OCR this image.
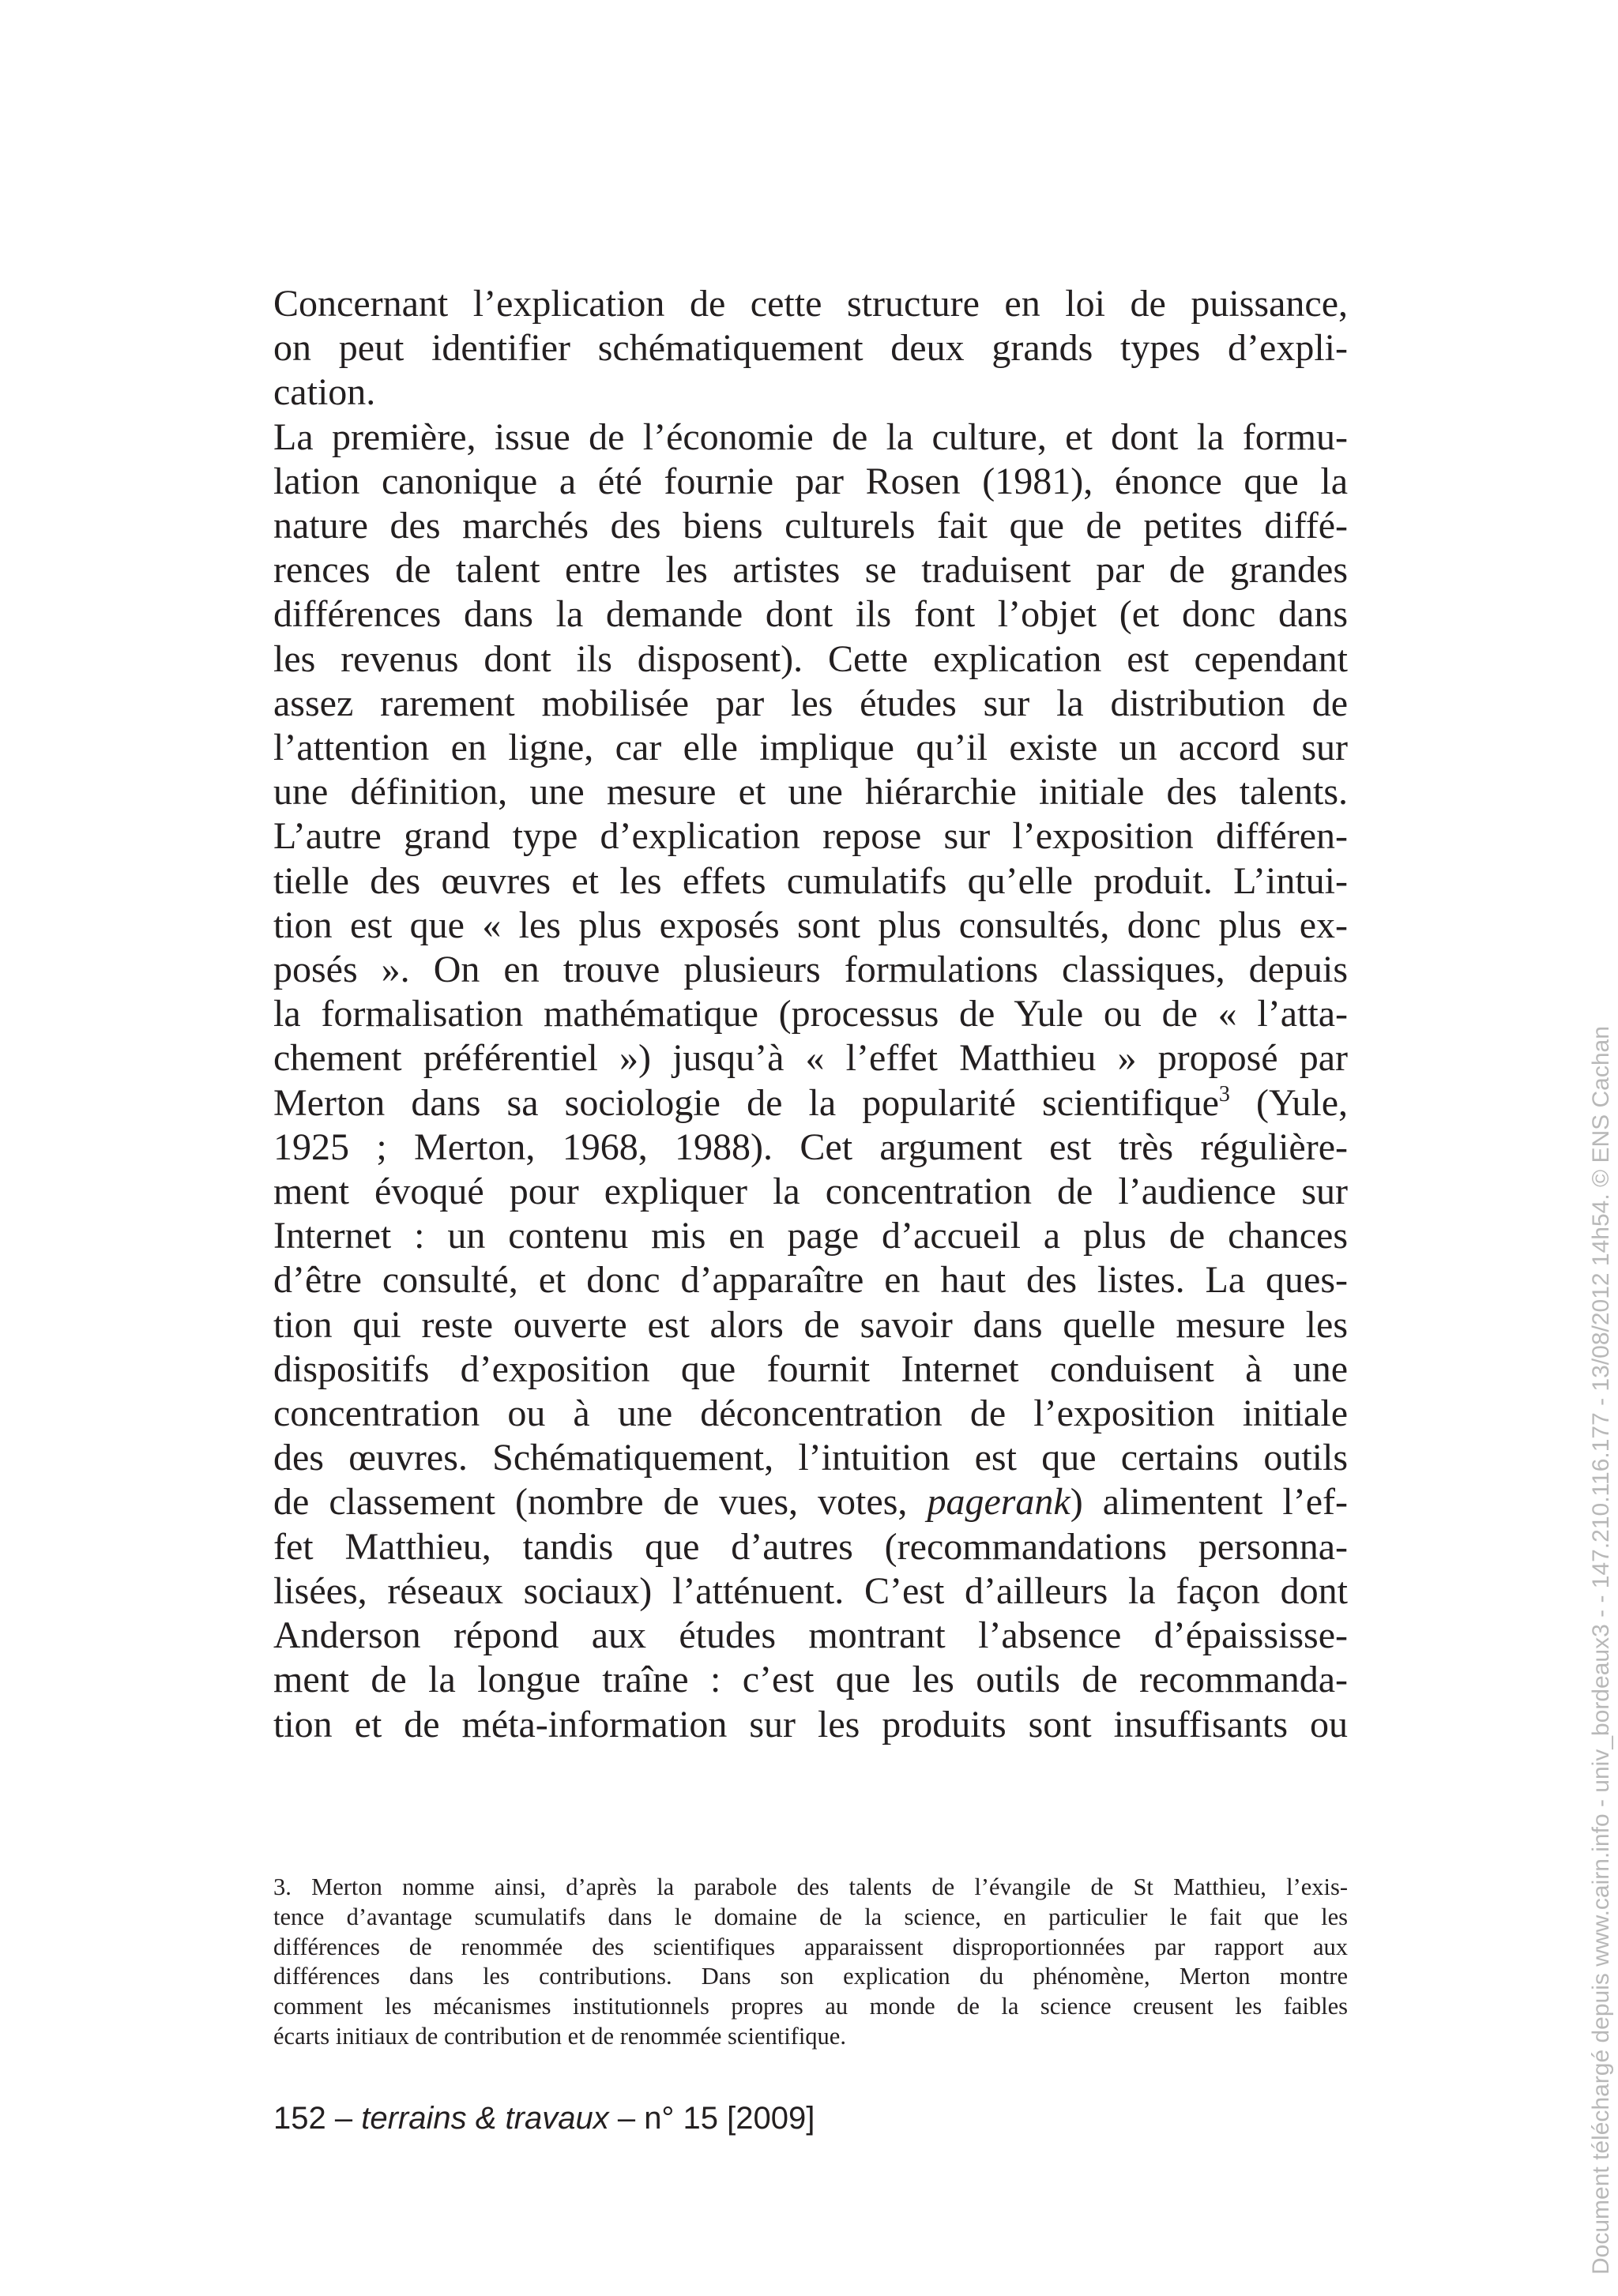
Concernant l’explication de cette structure en loi de puissance,
on peut identifier schématiquement deux grands types d’expli-
cation.
La première, issue de l’économie de la culture, et dont la formu-
lation canonique a été fournie par Rosen (1981), énonce que la
nature des marchés des biens culturels fait que de petites diffé-
rences de talent entre les artistes se traduisent par de grandes
différences dans la demande dont ils font l’objet (et donc dans
les revenus dont ils disposent). Cette explication est cependant
assez rarement mobilisée par les études sur la distribution de
l’attention en ligne, car elle implique qu’il existe un accord sur
une définition, une mesure et une hiérarchie initiale des talents.
L’autre grand type d’explication repose sur l’exposition différen-
tielle des œuvres et les effets cumulatifs qu’elle produit. L’intui-
tion est que « les plus exposés sont plus consultés, donc plus ex-
posés ». On en trouve plusieurs formulations classiques, depuis
la formalisation mathématique (processus de Yule ou de « l’atta-
chement préférentiel ») jusqu’à « l’effet Matthieu » proposé par
Merton dans sa sociologie de la popularité scientifique$^3$ (Yule,
1925 ; Merton, 1968, 1988). Cet argument est très régulière-
ment évoqué pour expliquer la concentration de l’audience sur
Internet : un contenu mis en page d’accueil a plus de chances
d’être consulté, et donc d’apparaître en haut des listes. La ques-
tion qui reste ouverte est alors de savoir dans quelle mesure les
dispositifs d’exposition que fournit Internet conduisent à une
concentration ou à une déconcentration de l’exposition initiale
des œuvres. Schématiquement, l’intuition est que certains outils
de classement (nombre de vues, votes, pagerank) alimentent l’ef-
fet Matthieu, tandis que d’autres (recommandations personna-
lisées, réseaux sociaux) l’atténuent. C’est d’ailleurs la façon dont
Anderson répond aux études montrant l’absence d’épaississe-
ment de la longue traîne : c’est que les outils de recommanda-
tion et de méta-information sur les produits sont insuffisants ou
3. Merton nomme ainsi, d’après la parabole des talents de l’évangile de St Matthieu, l’exis-
tence d’avantage scumulatifs dans le domaine de la science, en particulier le fait que les
différences de renommée des scientifiques apparaissent disproportionnées par rapport aux
différences dans les contributions. Dans son explication du phénomène, Merton montre
comment les mécanismes institutionnels propres au monde de la science creusent les faibles
écarts initiaux de contribution et de renommée scientifique.
152 – terrains & travaux – n° 15 [2009]	Document téléchargé depuis www.cairn.info - univ_bordeaux3 - - 147.210.116.177 - 13/08/2012 14h54. © ENS Cachan
